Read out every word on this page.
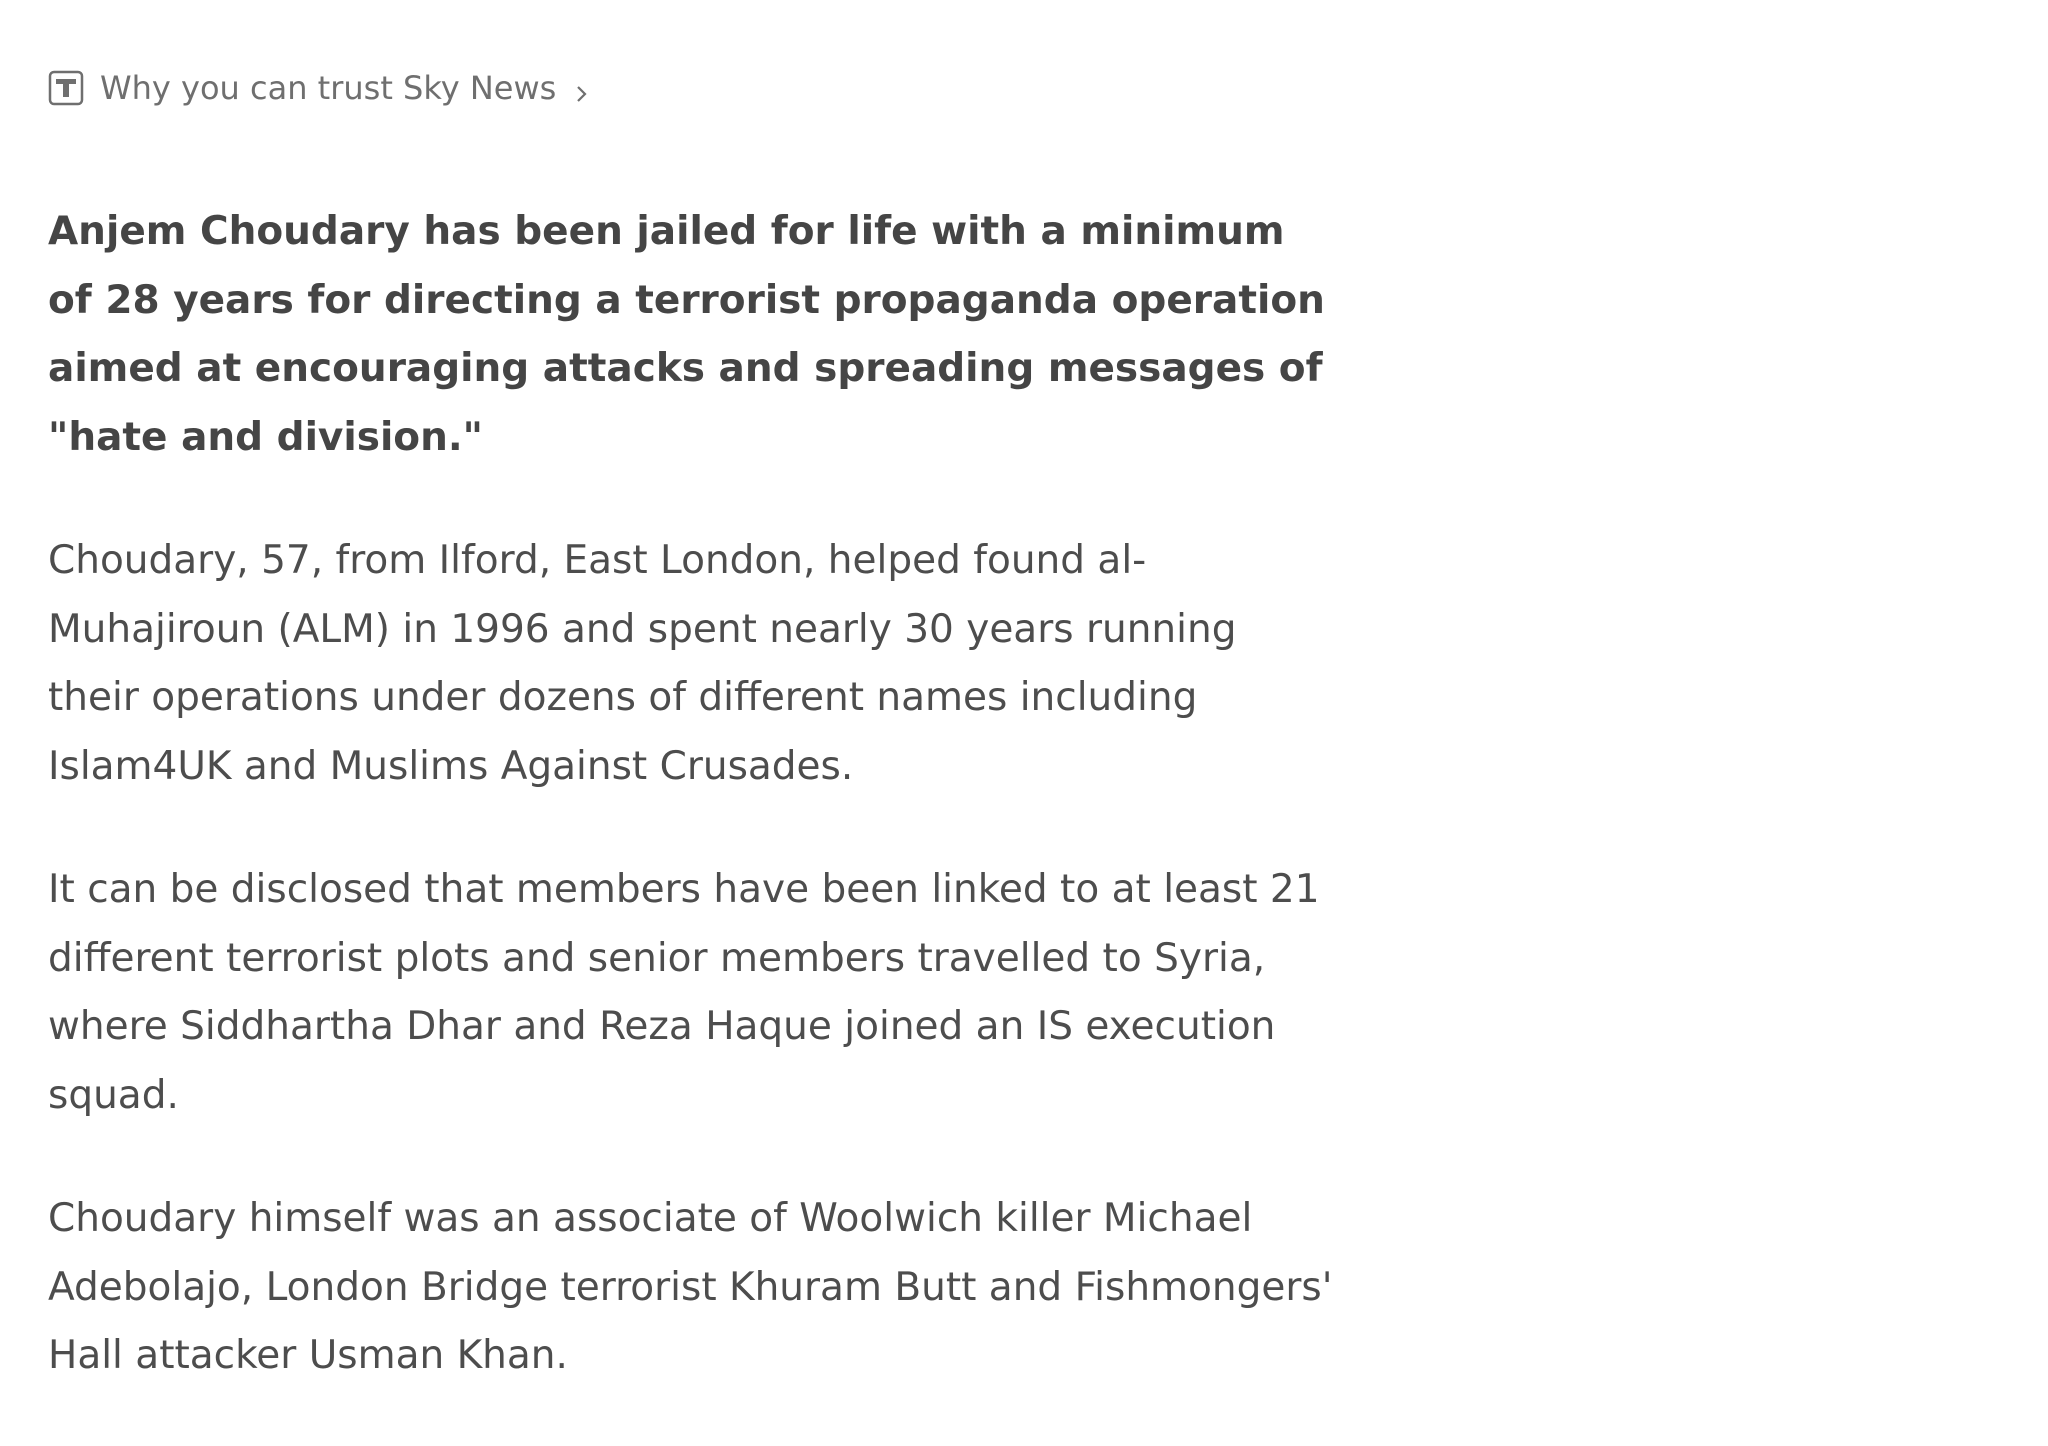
Why you can trust Sky News

Anjem Choudary has been jailed for life with a minimum of 28 years for directing a terrorist propaganda operation aimed at encouraging attacks and spreading messages of "hate and division."

Choudary, 57, from Ilford, East London, helped found al-Muhajiroun (ALM) in 1996 and spent nearly 30 years running their operations under dozens of different names including Islam4UK and Muslims Against Crusades.

It can be disclosed that members have been linked to at least 21 different terrorist plots and senior members travelled to Syria, where Siddhartha Dhar and Reza Haque joined an IS execution squad.

Choudary himself was an associate of Woolwich killer Michael Adebolajo, London Bridge terrorist Khuram Butt and Fishmongers' Hall attacker Usman Khan.
